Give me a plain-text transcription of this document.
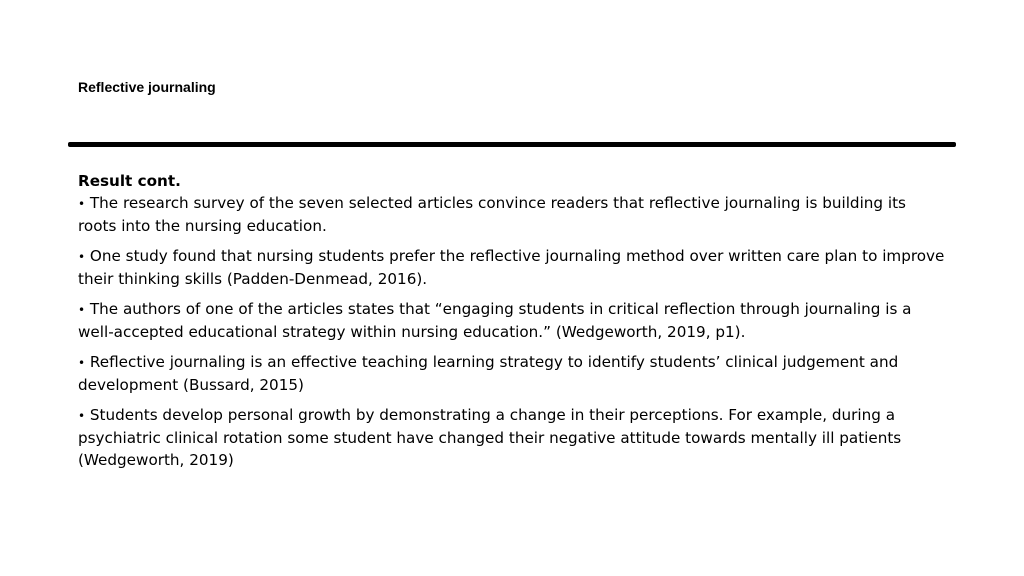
Reflective journaling

Result cont.

• The research survey of the seven selected articles convince readers that reflective journaling is building its roots into the nursing education.

• One study found that nursing students prefer the reflective journaling method over written care plan to improve their thinking skills (Padden-Denmead, 2016).

• The authors of one of the articles states that “engaging students in critical reflection through journaling is a well-accepted educational strategy within nursing education.” (Wedgeworth, 2019, p1).

• Reflective journaling is an effective teaching learning strategy to identify students’ clinical judgement and development (Bussard, 2015)

• Students develop personal growth by demonstrating a change in their perceptions. For example, during a psychiatric clinical rotation some student have changed their negative attitude towards mentally ill patients (Wedgeworth, 2019)
